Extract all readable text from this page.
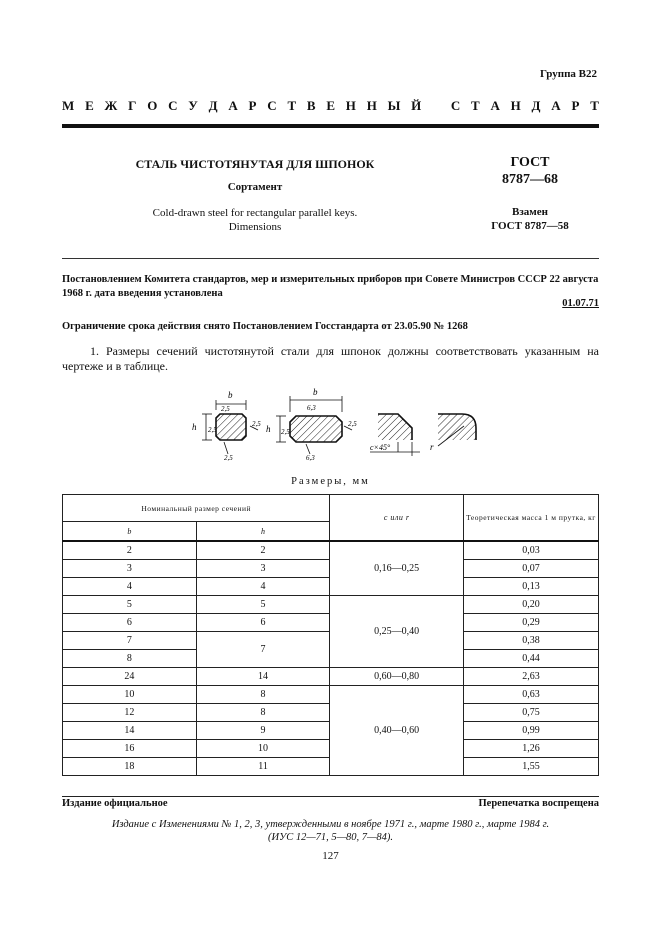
Группа В22
М Е Ж Г О С У Д А Р С Т В Е Н Н Ы Й С Т А Н Д А Р Т
СТАЛЬ ЧИСТОТЯНУТАЯ ДЛЯ ШПОНОК
Сортамент
Cold-drawn steel for rectangular parallel keys.
Dimensions
ГОСТ
8787—68
Взамен
ГОСТ 8787—58
Постановлением Комитета стандартов, мер и измерительных приборов при Совете Министров СССР 22 августа 1968 г. дата введения установлена
01.07.71
Ограничение срока действия снято Постановлением Госстандарта от 23.05.90 № 1268
1. Размеры сечений чистотянутой стали для шпонок должны соответствовать указанным на чертеже и в таблице.
b
2,5
h 2,5
2,5
2,5
b
6,3
h 2,5
2,5
6,3
c×45°	r
Размеры, мм
Номинальный размер сечений		c или r	Теоретическая масса 1 м прутка, кг
b	h		
2	2	0,16—0,25	0,03
3	3		0,07
4	4		0,13
5	5	0,25—0,40	0,20
6	6		0,29
7	7		0,38
8			0,44
24	14	0,60—0,80	2,63
10	8	0,40—0,60	0,63
12	8		0,75
14	9		0,99
16	10		1,26
18	11		1,55
Издание официальное	Перепечатка воспрещена
Издание с Изменениями № 1, 2, 3, утвержденными в ноябре 1971 г., марте 1980 г., марте 1984 г.
(ИУС 12—71, 5—80, 7—84).
127
